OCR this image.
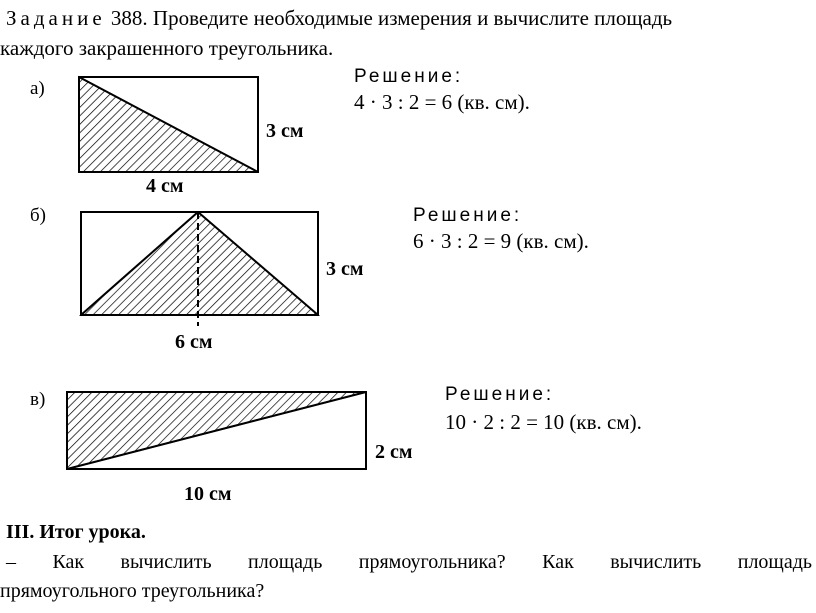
Задание 388. Проведите необходимые измерения и вычислите площадь
каждого закрашенного треугольника.
а)
3 см
4 см
Решение:
4 · 3 : 2 = 6 (кв. см).
б)
3 см
6 см
Решение:
6 · 3 : 2 = 9 (кв. см).
в)
2 см
10 см
Решение:
10 · 2 : 2 = 10 (кв. см).
III. Итог урока.
– Как вычислить площадь прямоугольника? Как вычислить площадь
прямоугольного треугольника?
